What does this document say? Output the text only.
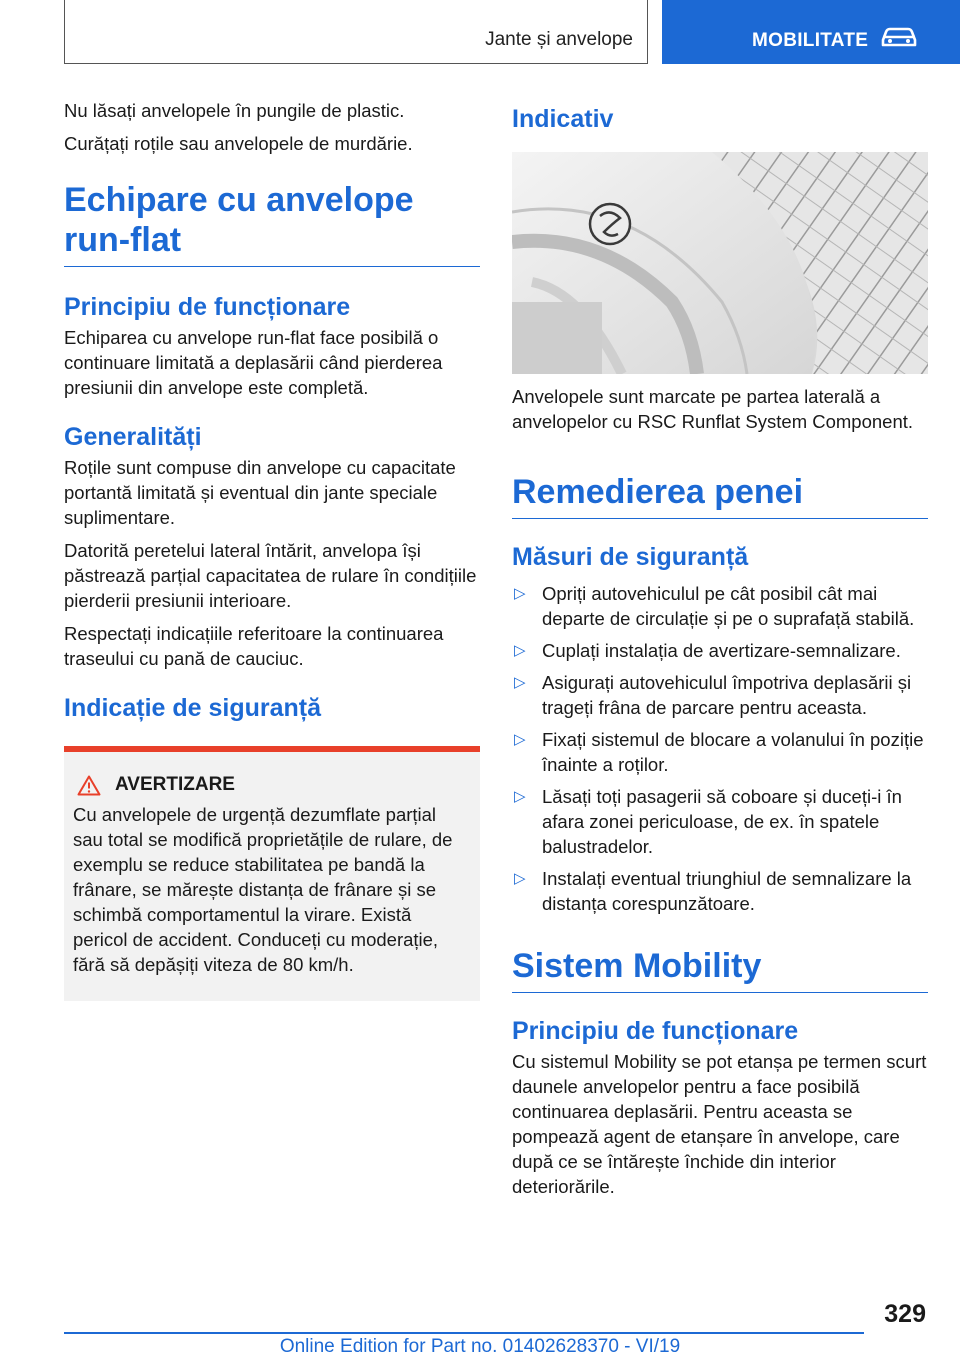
Jante și anvelope	MOBILITATE

Nu lăsați anvelopele în pungile de plastic.

Curățați roțile sau anvelopele de murdărie.

Echipare cu anvelope run-flat
Principiu de funcționare

Echiparea cu anvelope run-flat face posibilă o continuare limitată a deplasării când pierderea presiunii din anvelope este completă.

Generalități

Roțile sunt compuse din anvelope cu capacitate portantă limitată și eventual din jante speciale suplimentare.

Datorită peretelui lateral întărit, anvelopa își păstrează parțial capacitatea de rulare în condițiile pierderii presiunii interioare.

Respectați indicațiile referitoare la continuarea traseului cu pană de cauciuc.

Indicație de siguranță
AVERTIZARE

Cu anvelopele de urgență dezumflate parțial sau total se modifică proprietățile de rulare, de exemplu se reduce stabilitatea pe bandă la frânare, se mărește distanța de frânare și se schimbă comportamentul la virare. Există pericol de accident. Conduceți cu moderație, fără să depășiți viteza de 80 km/h.

Indicativ

Anvelopele sunt marcate pe partea laterală a anvelopelor cu RSC Runflat System Component.

Remedierea penei
Măsuri de siguranță
▷ Opriți autovehiculul pe cât posibil cât mai departe de circulație și pe o suprafață stabilă.
▷ Cuplați instalația de avertizare-semnalizare.
▷ Asigurați autovehiculul împotriva deplasării și trageți frâna de parcare pentru aceasta.
▷ Fixați sistemul de blocare a volanului în poziție înainte a roților.
▷ Lăsați toți pasagerii să coboare și duceți-i în afara zonei periculoase, de ex. în spatele balustradelor.
▷ Instalați eventual triunghiul de semnalizare la distanța corespunzătoare.
Sistem Mobility
Principiu de funcționare

Cu sistemul Mobility se pot etanșa pe termen scurt daunele anvelopelor pentru a face posibilă continuarea deplasării. Pentru aceasta se pompează agent de etanșare în anvelope, care după ce se întărește închide din interior deteriorările.

329
Online Edition for Part no. 01402628370 - VI/19
